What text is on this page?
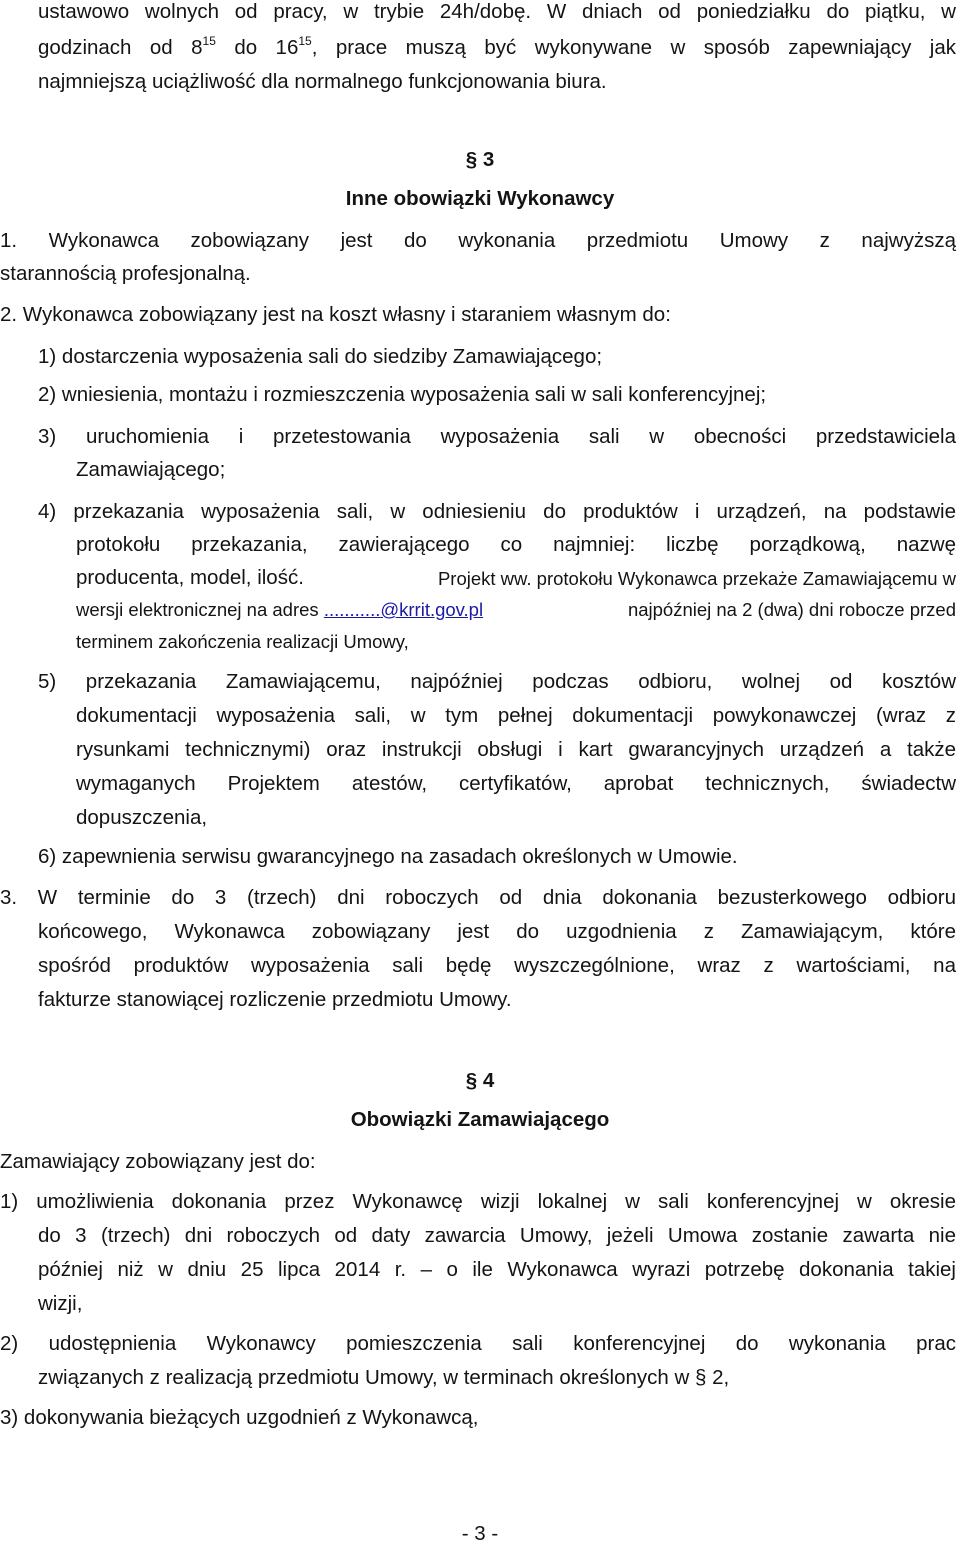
ustawowo wolnych od pracy, w trybie 24h/dobę. W dniach od poniedziałku do piątku, w
godzinach od $8^{15}$ do $16^{15}$, prace muszą być wykonywane w sposób zapewniający jak
najmniejszą uciążliwość dla normalnego funkcjonowania biura.
§ 3
Inne obowiązki Wykonawcy
1. Wykonawca zobowiązany jest do wykonania przedmiotu Umowy z najwyższą
starannością profesjonalną.
2. Wykonawca zobowiązany jest na koszt własny i staraniem własnym do:
1) dostarczenia wyposażenia sali do siedziby Zamawiającego;
2) wniesienia, montażu i rozmieszczenia wyposażenia sali w sali konferencyjnej;
3) uruchomienia i przetestowania wyposażenia sali w obecności przedstawiciela
Zamawiającego;
4) przekazania wyposażenia sali, w odniesieniu do produktów i urządzeń, na podstawie
protokołu przekazania, zawierającego co najmniej: liczbę porządkową, nazwę
producenta, model, ilość.	Projekt ww. protokołu Wykonawca przekaże Zamawiającemu w
wersji elektronicznej na adres ...........@krrit.gov.pl	najpóźniej na 2 (dwa) dni robocze przed
terminem zakończenia realizacji Umowy,
5) przekazania Zamawiającemu, najpóźniej podczas odbioru, wolnej od kosztów
dokumentacji wyposażenia sali, w tym pełnej dokumentacji powykonawczej (wraz z
rysunkami technicznymi) oraz instrukcji obsługi i kart gwarancyjnych urządzeń a także
wymaganych Projektem atestów, certyfikatów, aprobat technicznych, świadectw
dopuszczenia,
6) zapewnienia serwisu gwarancyjnego na zasadach określonych w Umowie.
3. W terminie do 3 (trzech) dni roboczych od dnia dokonania bezusterkowego odbioru
końcowego, Wykonawca zobowiązany jest do uzgodnienia z Zamawiającym, które
spośród produktów wyposażenia sali będę wyszczególnione, wraz z wartościami, na
fakturze stanowiącej rozliczenie przedmiotu Umowy.
§ 4
Obowiązki Zamawiającego
Zamawiający zobowiązany jest do:
1) umożliwienia dokonania przez Wykonawcę wizji lokalnej w sali konferencyjnej w okresie
do 3 (trzech) dni roboczych od daty zawarcia Umowy, jeżeli Umowa zostanie zawarta nie
później niż w dniu 25 lipca 2014 r. – o ile Wykonawca wyrazi potrzebę dokonania takiej
wizji,
2) udostępnienia Wykonawcy pomieszczenia sali konferencyjnej do wykonania prac
związanych z realizacją przedmiotu Umowy, w terminach określonych w § 2,
3) dokonywania bieżących uzgodnień z Wykonawcą,
- 3 -
